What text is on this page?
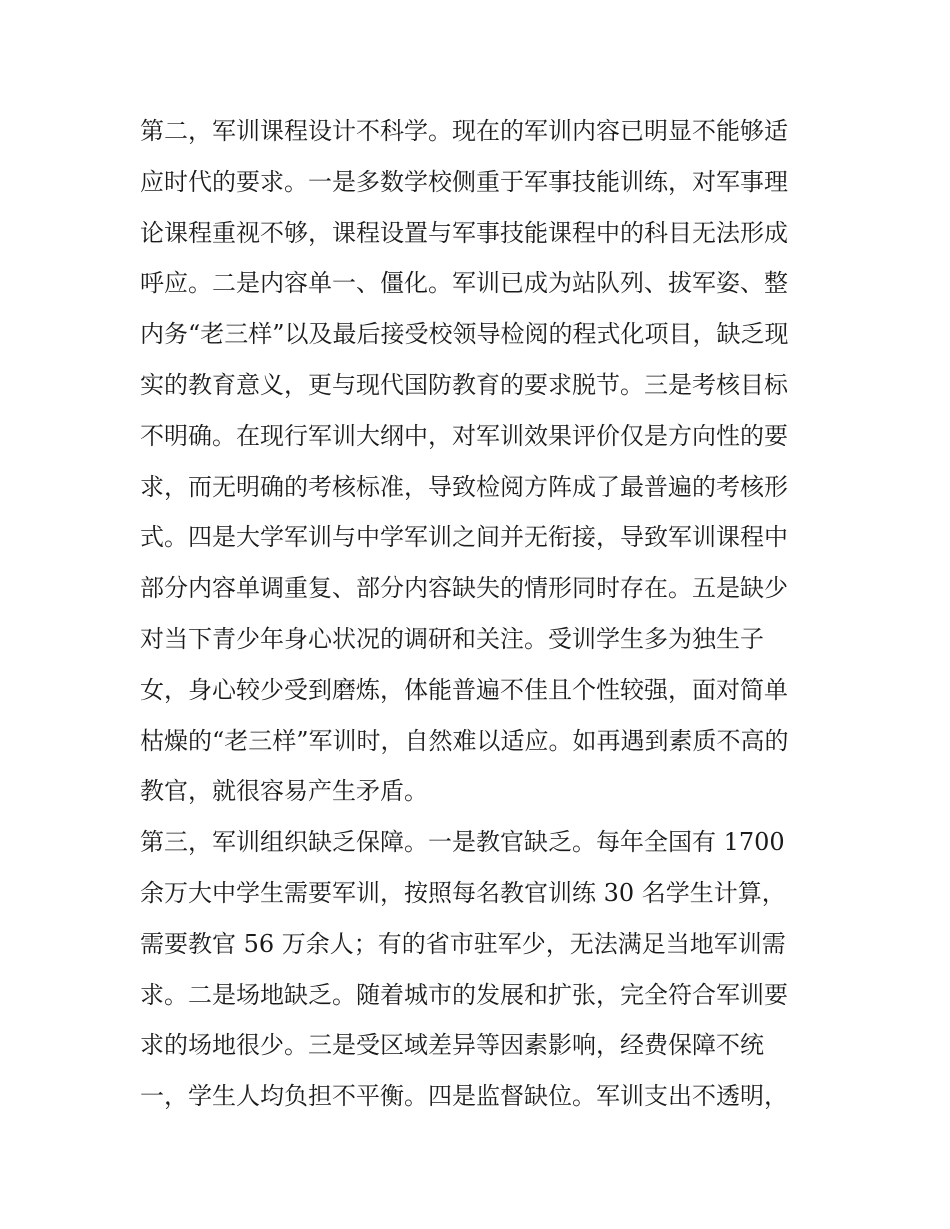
第二，军训课程设计不科学。现在的军训内容已明显不能够适
应时代的要求。一是多数学校侧重于军事技能训练，对军事理
论课程重视不够，课程设置与军事技能课程中的科目无法形成
呼应。二是内容单一、僵化。军训已成为站队列、拔军姿、整
内务“老三样”以及最后接受校领导检阅的程式化项目，缺乏现
实的教育意义，更与现代国防教育的要求脱节。三是考核目标
不明确。在现行军训大纲中，对军训效果评价仅是方向性的要
求，而无明确的考核标准，导致检阅方阵成了最普遍的考核形
式。四是大学军训与中学军训之间并无衔接，导致军训课程中
部分内容单调重复、部分内容缺失的情形同时存在。五是缺少
对当下青少年身心状况的调研和关注。受训学生多为独生子
女，身心较少受到磨炼，体能普遍不佳且个性较强，面对简单
枯燥的“老三样”军训时，自然难以适应。如再遇到素质不高的
教官，就很容易产生矛盾。
第三，军训组织缺乏保障。一是教官缺乏。每年全国有 1700
余万大中学生需要军训，按照每名教官训练 30 名学生计算，
需要教官 56 万余人；有的省市驻军少，无法满足当地军训需
求。二是场地缺乏。随着城市的发展和扩张，完全符合军训要
求的场地很少。三是受区域差异等因素影响，经费保障不统
一，学生人均负担不平衡。四是监督缺位。军训支出不透明，
